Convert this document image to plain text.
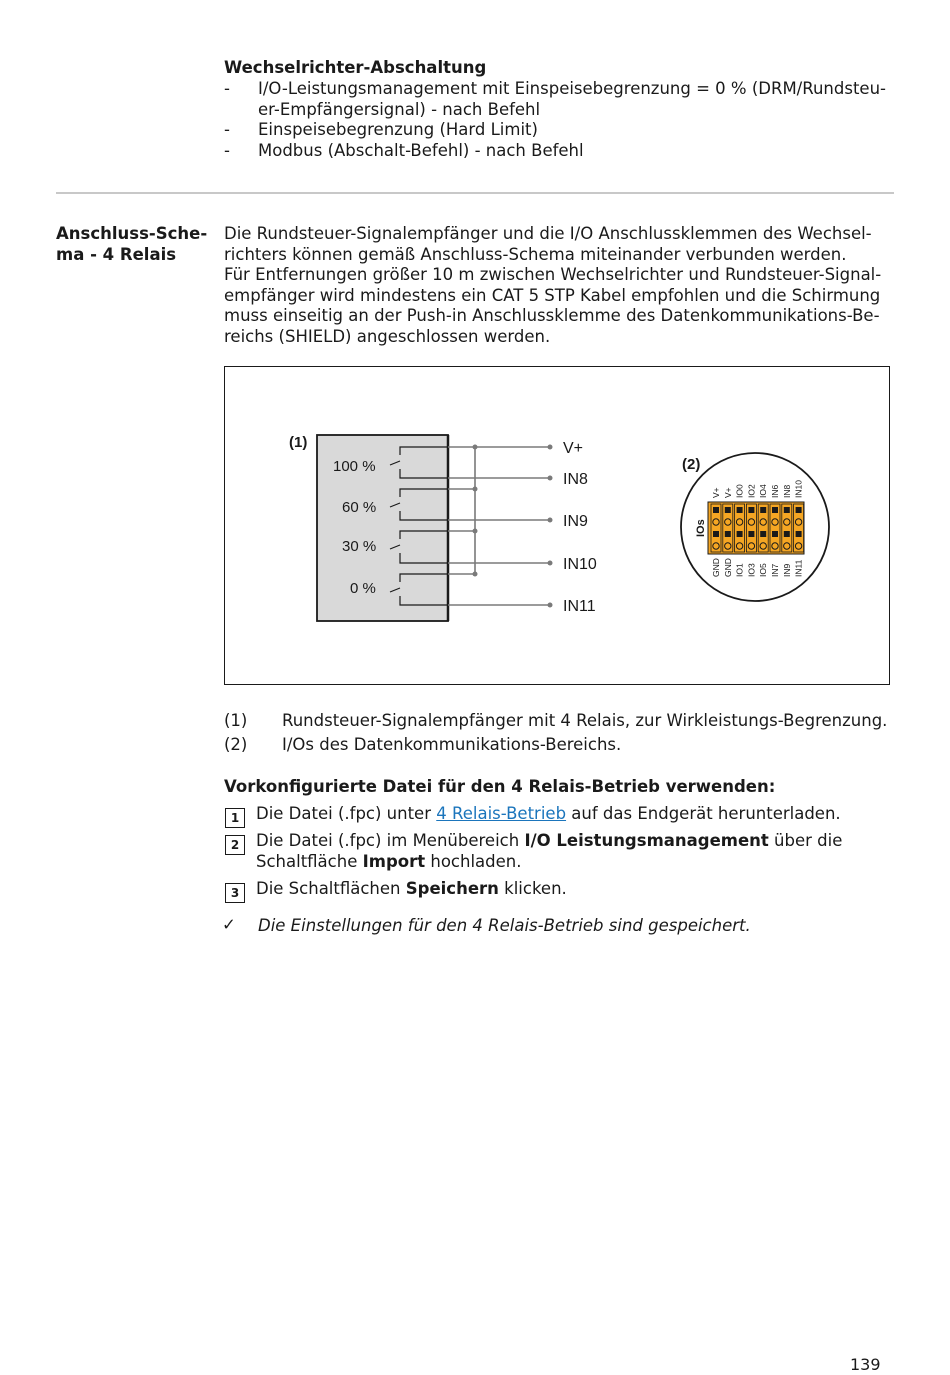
Wechselrichter-Abschaltung
- I/O-Leistungsmanagement mit Einspeisebegrenzung = 0 % (DRM/Rundsteu-
er-Empfängersignal) - nach Befehl
- Einspeisebegrenzung (Hard Limit)
- Modbus (Abschalt-Befehl) - nach Befehl
Anschluss-Sche-
ma - 4 Relais
Die Rundsteuer-Signalempfänger und die I/O Anschlussklemmen des Wechsel-
richters können gemäß Anschluss-Schema miteinander verbunden werden.
Für Entfernungen größer 10 m zwischen Wechselrichter und Rundsteuer-Signal-
empfänger wird mindestens ein CAT 5 STP Kabel empfohlen und die Schirmung
muss einseitig an der Push-in Anschlussklemme des Datenkommunikations-Be-
reichs (SHIELD) angeschlossen werden.
(1)
100 %
60 %
30 %
0 %
V+
IN8
IN9
IN10
IN11
(2)
IOs
V+ V+ IO0 IO2 IO4 IN6 IN8 IN10
GND GND IO1 IO3 IO5 IN7 IN9 IN11
(1) Rundsteuer-Signalempfänger mit 4 Relais, zur Wirkleistungs-Begrenzung.
(2) I/Os des Datenkommunikations-Bereichs.
Vorkonfigurierte Datei für den 4 Relais-Betrieb verwenden:
1	Die Datei (.fpc) unter 4 Relais-Betrieb auf das Endgerät herunterladen.
2	Die Datei (.fpc) im Menübereich I/O Leistungsmanagement über die
Schaltfläche Import hochladen.
3	Die Schaltflächen Speichern klicken.
✓ Die Einstellungen für den 4 Relais-Betrieb sind gespeichert.
139
